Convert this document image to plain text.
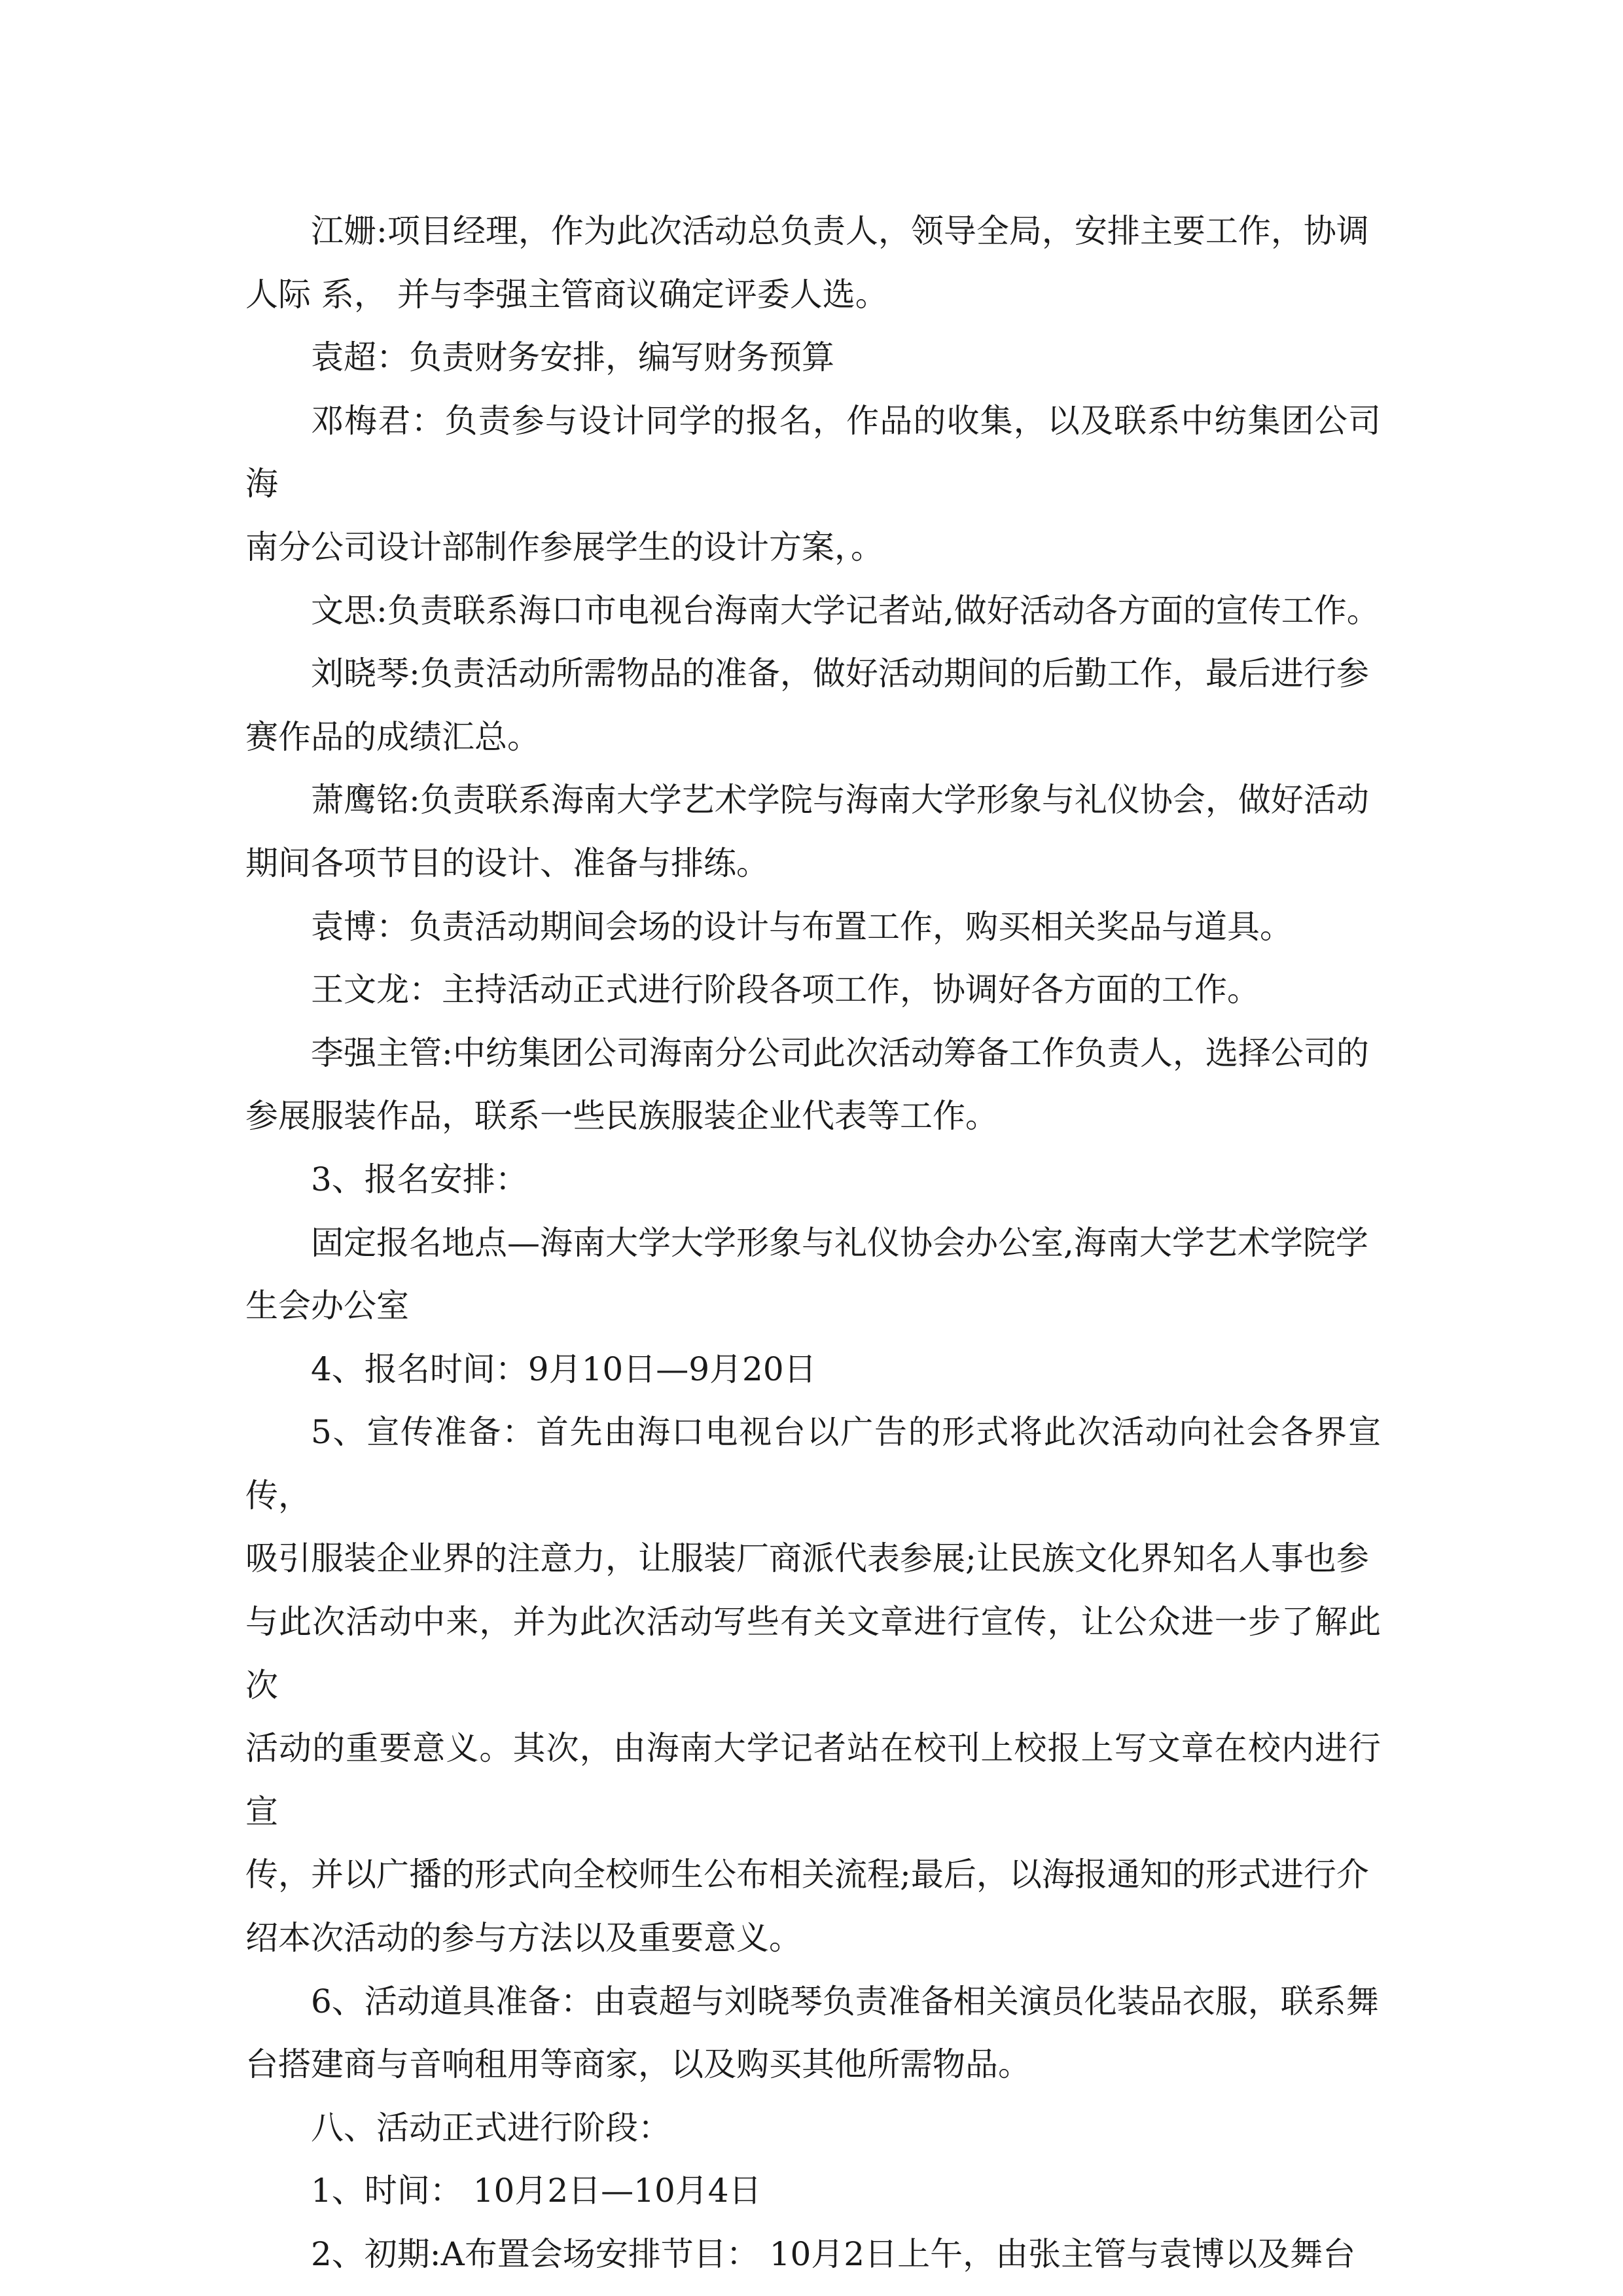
江姗:项目经理，作为此次活动总负责人，领导全局，安排主要工作，协调

人际 系， 并与李强主管商议确定评委人选。

袁超：负责财务安排，编写财务预算

邓梅君：负责参与设计同学的报名，作品的收集，以及联系中纺集团公司海

南分公司设计部制作参展学生的设计方案，。

文思:负责联系海口市电视台海南大学记者站,做好活动各方面的宣传工作。

刘晓琴:负责活动所需物品的准备，做好活动期间的后勤工作，最后进行参

赛作品的成绩汇总。

萧鹰铭:负责联系海南大学艺术学院与海南大学形象与礼仪协会，做好活动

期间各项节目的设计、准备与排练。

袁博：负责活动期间会场的设计与布置工作，购买相关奖品与道具。

王文龙：主持活动正式进行阶段各项工作，协调好各方面的工作。

李强主管:中纺集团公司海南分公司此次活动筹备工作负责人，选择公司的

参展服装作品，联系一些民族服装企业代表等工作。

3、报名安排：

固定报名地点—海南大学大学形象与礼仪协会办公室,海南大学艺术学院学

生会办公室

4、报名时间：9月10日—9月20日

5、宣传准备：首先由海口电视台以广告的形式将此次活动向社会各界宣传，

吸引服装企业界的注意力，让服装厂商派代表参展;让民族文化界知名人事也参

与此次活动中来，并为此次活动写些有关文章进行宣传，让公众进一步了解此次

活动的重要意义。其次，由海南大学记者站在校刊上校报上写文章在校内进行宣

传，并以广播的形式向全校师生公布相关流程;最后，以海报通知的形式进行介

绍本次活动的参与方法以及重要意义。

6、活动道具准备：由袁超与刘晓琴负责准备相关演员化装品衣服，联系舞

台搭建商与音响租用等商家，以及购买其他所需物品。

八、活动正式进行阶段：

1、时间： 10月2日—10月4日

2、初期:A布置会场安排节目： 10月2日上午，由张主管与袁博以及舞台
